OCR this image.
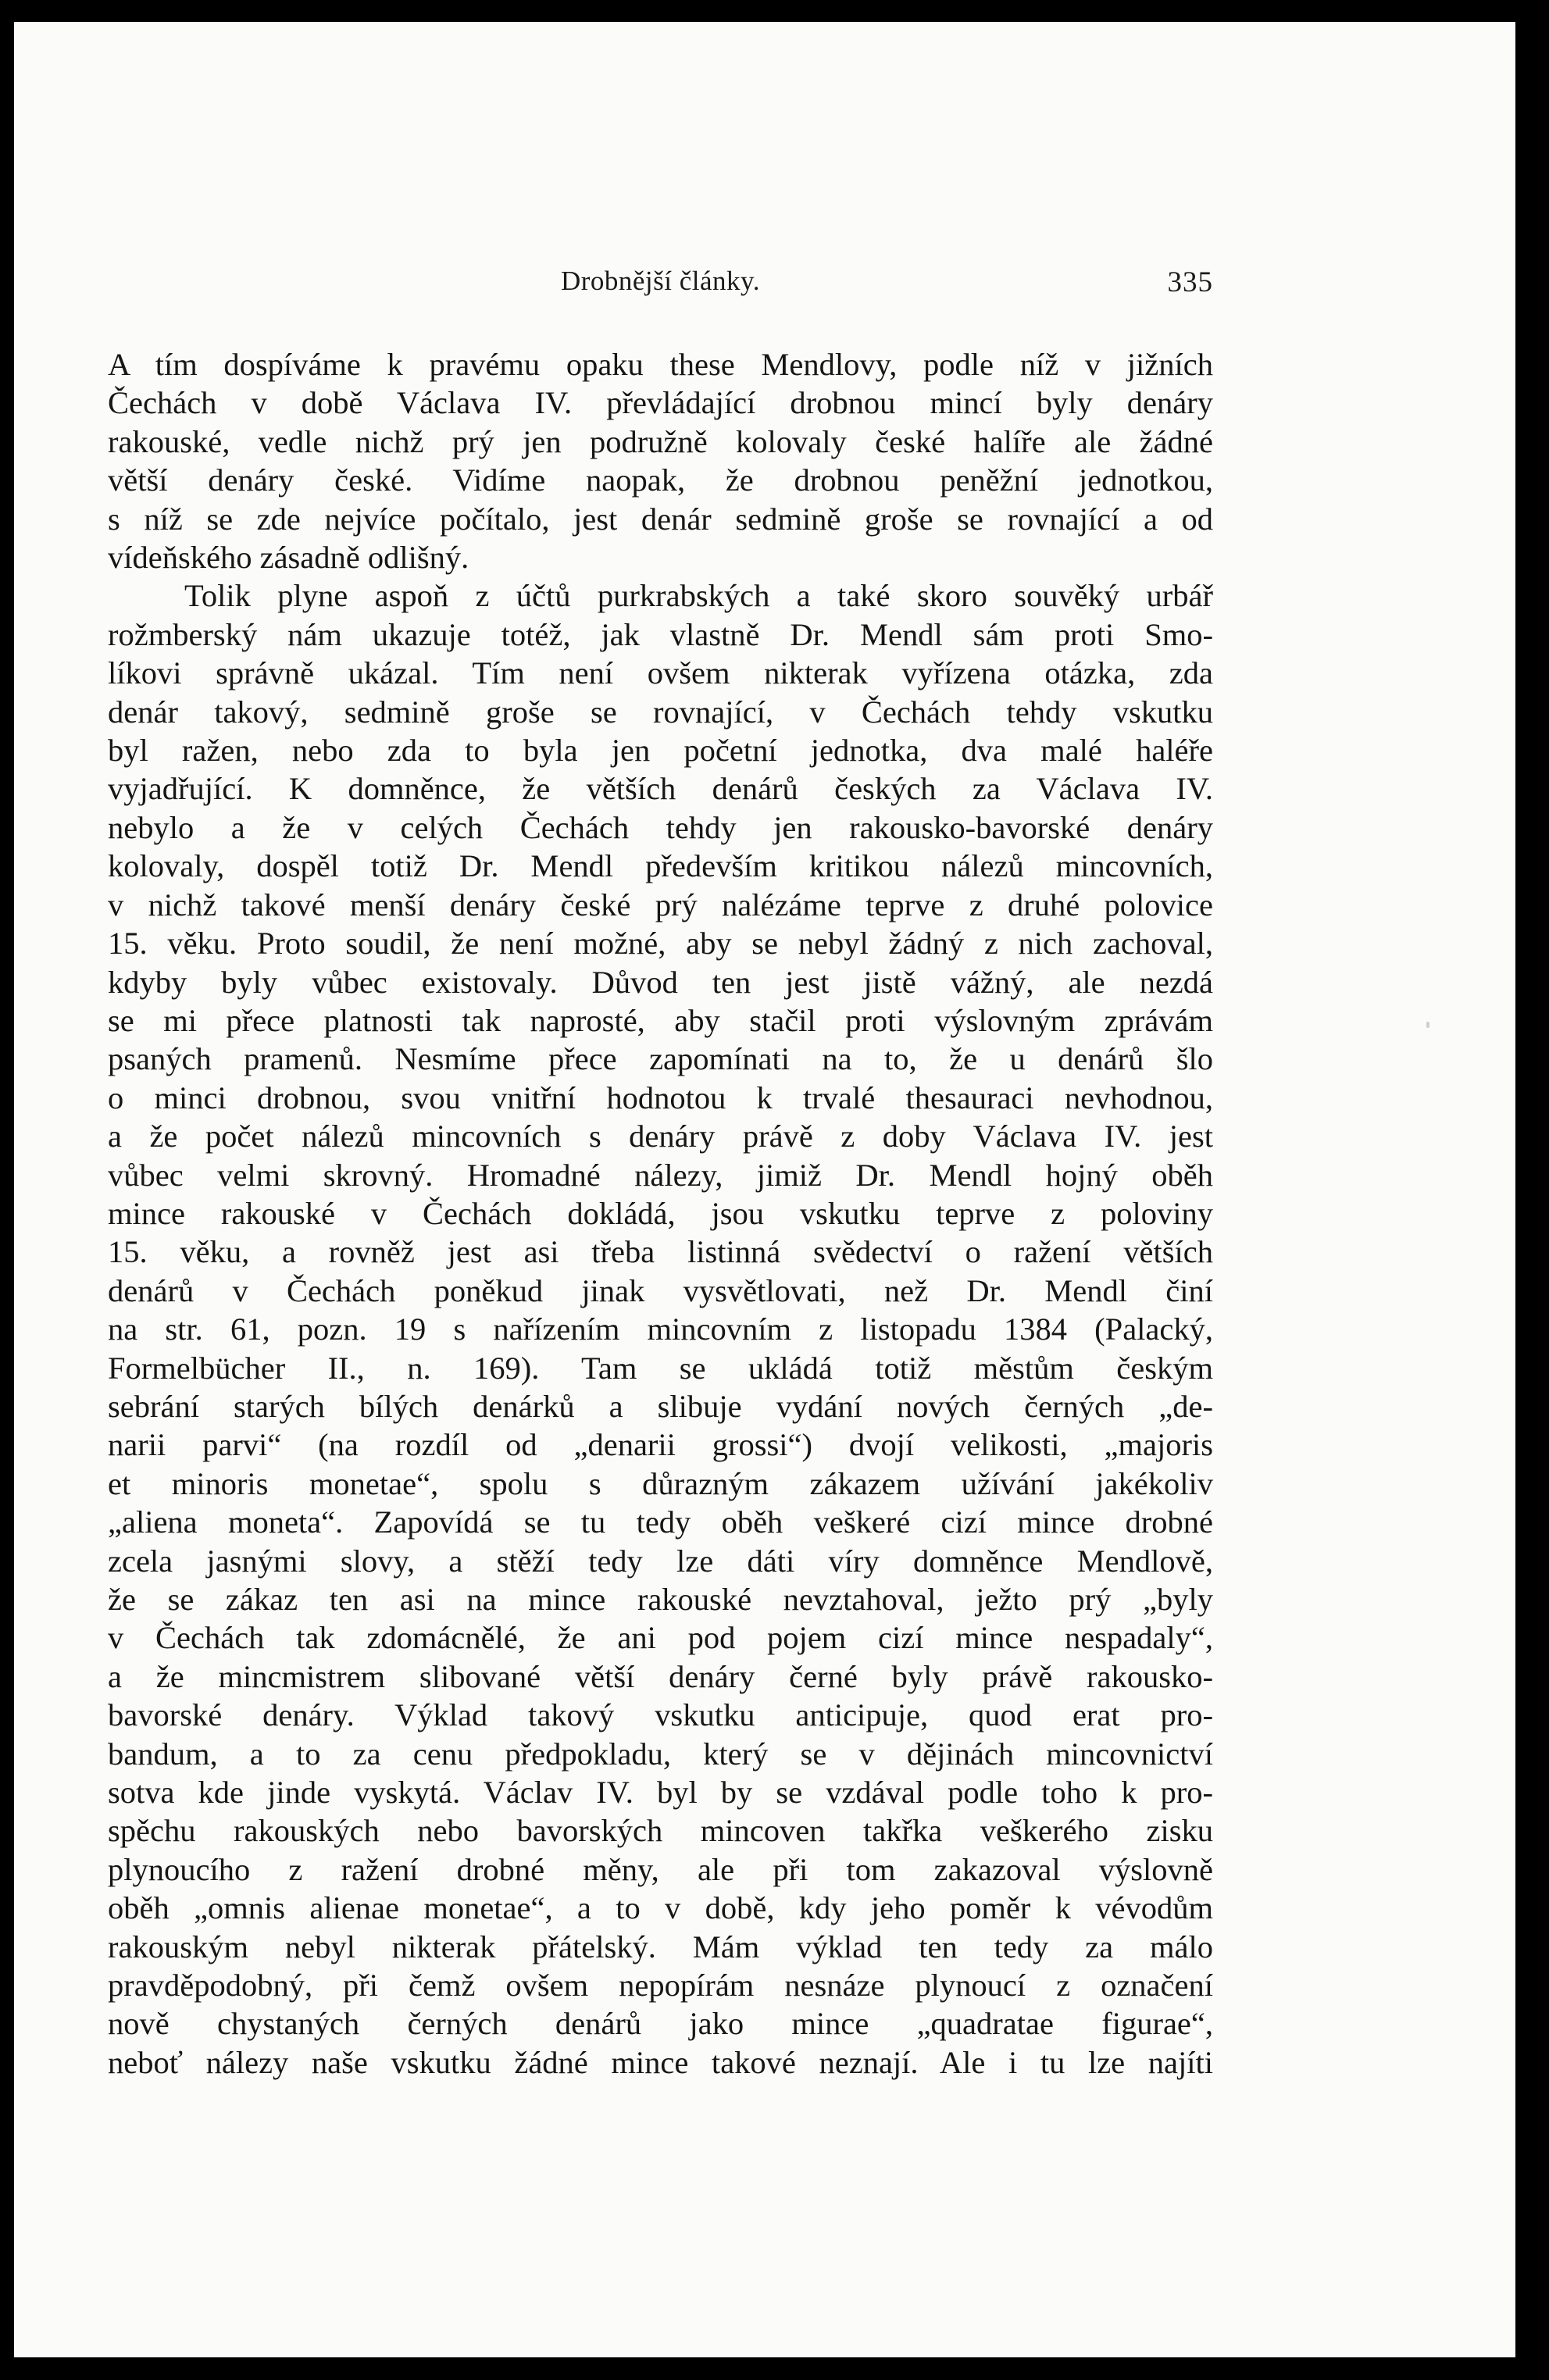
Drobnější články.	335
A tím dospíváme k pravému opaku these Mendlovy, podle níž v jižních
Čechách v době Václava IV. převládající drobnou mincí byly denáry
rakouské, vedle nichž prý jen podružně kolovaly české halíře ale žádné
větší denáry české. Vidíme naopak, že drobnou peněžní jednotkou,
s níž se zde nejvíce počítalo, jest denár sedmině groše se rovnající a od
vídeňského zásadně odlišný.
Tolik plyne aspoň z účtů purkrabských a také skoro souvěký urbář
rožmberský nám ukazuje totéž, jak vlastně Dr. Mendl sám proti Smo-
líkovi správně ukázal. Tím není ovšem nikterak vyřízena otázka, zda
denár takový, sedmině groše se rovnající, v Čechách tehdy vskutku
byl ražen, nebo zda to byla jen početní jednotka, dva malé haléře
vyjadřující. K domněnce, že větších denárů českých za Václava IV.
nebylo a že v celých Čechách tehdy jen rakousko-bavorské denáry
kolovaly, dospěl totiž Dr. Mendl především kritikou nálezů mincovních,
v nichž takové menší denáry české prý nalézáme teprve z druhé polovice
15. věku. Proto soudil, že není možné, aby se nebyl žádný z nich zachoval,
kdyby byly vůbec existovaly. Důvod ten jest jistě vážný, ale nezdá
se mi přece platnosti tak naprosté, aby stačil proti výslovným zprávám
psaných pramenů. Nesmíme přece zapomínati na to, že u denárů šlo
o minci drobnou, svou vnitřní hodnotou k trvalé thesauraci nevhodnou,
a že počet nálezů mincovních s denáry právě z doby Václava IV. jest
vůbec velmi skrovný. Hromadné nálezy, jimiž Dr. Mendl hojný oběh
mince rakouské v Čechách dokládá, jsou vskutku teprve z poloviny
15. věku, a rovněž jest asi třeba listinná svědectví o ražení větších
denárů v Čechách poněkud jinak vysvětlovati, než Dr. Mendl činí
na str. 61, pozn. 19 s nařízením mincovním z listopadu 1384 (Palacký,
Formelbücher II., n. 169). Tam se ukládá totiž městům českým
sebrání starých bílých denárků a slibuje vydání nových černých „de-
narii parvi“ (na rozdíl od „denarii grossi“) dvojí velikosti, „majoris
et minoris monetae“, spolu s důrazným zákazem užívání jakékoliv
„aliena moneta“. Zapovídá se tu tedy oběh veškeré cizí mince drobné
zcela jasnými slovy, a stěží tedy lze dáti víry domněnce Mendlově,
že se zákaz ten asi na mince rakouské nevztahoval, ježto prý „byly
v Čechách tak zdomácnělé, že ani pod pojem cizí mince nespadaly“,
a že mincmistrem slibované větší denáry černé byly právě rakousko-
bavorské denáry. Výklad takový vskutku anticipuje, quod erat pro-
bandum, a to za cenu předpokladu, který se v dějinách mincovnictví
sotva kde jinde vyskytá. Václav IV. byl by se vzdával podle toho k pro-
spěchu rakouských nebo bavorských mincoven takřka veškerého zisku
plynoucího z ražení drobné měny, ale při tom zakazoval výslovně
oběh „omnis alienae monetae“, a to v době, kdy jeho poměr k vévodům
rakouským nebyl nikterak přátelský. Mám výklad ten tedy za málo
pravděpodobný, při čemž ovšem nepopírám nesnáze plynoucí z označení
nově chystaných černých denárů jako mince „quadratae figurae“,
neboť nálezy naše vskutku žádné mince takové neznají. Ale i tu lze najíti
